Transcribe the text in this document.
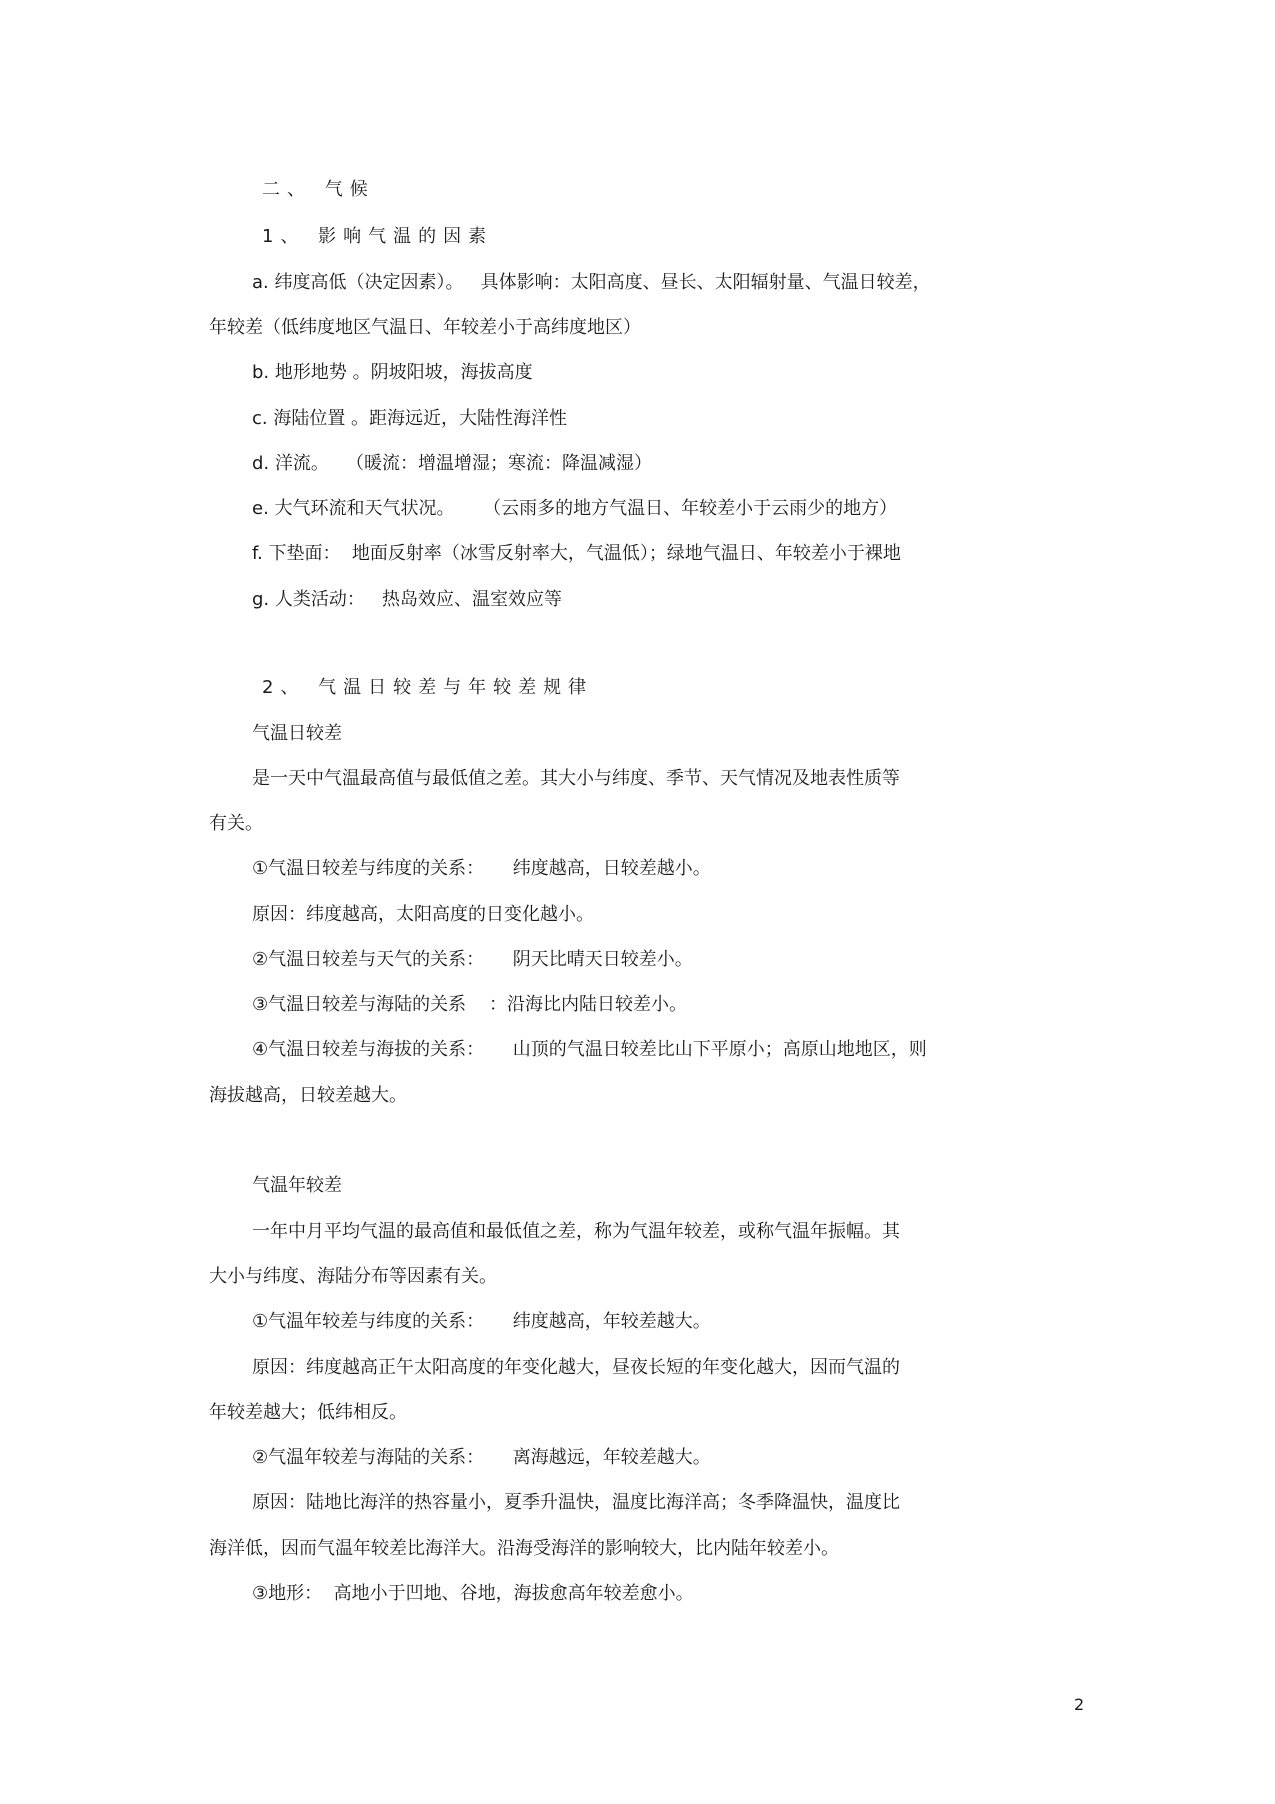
二、 气候
1、 影响气温的因素
a. 纬度高低（决定因素）。   具体影响：太阳高度、昼长、太阳辐射量、气温日较差，
年较差（低纬度地区气温日、年较差小于高纬度地区）
b. 地形地势 。阴坡阳坡，海拔高度
c. 海陆位置 。距海远近，大陆性海洋性
d. 洋流。   （暖流：增温增湿；寒流：降温减湿）
e. 大气环流和天气状况。     （云雨多的地方气温日、年较差小于云雨少的地方）
f. 下垫面：  地面反射率（冰雪反射率大，气温低）；绿地气温日、年较差小于裸地
g. 人类活动：   热岛效应、温室效应等
2、 气温日较差与年较差规律
气温日较差
是一天中气温最高值与最低值之差。其大小与纬度、季节、天气情况及地表性质等
有关。
①气温日较差与纬度的关系：     纬度越高，日较差越小。
原因：纬度越高，太阳高度的日变化越小。
②气温日较差与天气的关系：     阴天比晴天日较差小。
③气温日较差与海陆的关系    ：沿海比内陆日较差小。
④气温日较差与海拔的关系：     山顶的气温日较差比山下平原小；高原山地地区，则
海拔越高，日较差越大。
气温年较差
一年中月平均气温的最高值和最低值之差，称为气温年较差，或称气温年振幅。其
大小与纬度、海陆分布等因素有关。
①气温年较差与纬度的关系：     纬度越高，年较差越大。
原因：纬度越高正午太阳高度的年变化越大，昼夜长短的年变化越大，因而气温的
年较差越大；低纬相反。
②气温年较差与海陆的关系：     离海越远，年较差越大。
原因：陆地比海洋的热容量小，夏季升温快，温度比海洋高；冬季降温快，温度比
海洋低，因而气温年较差比海洋大。沿海受海洋的影响较大，比内陆年较差小。
③地形：  高地小于凹地、谷地，海拔愈高年较差愈小。
2
